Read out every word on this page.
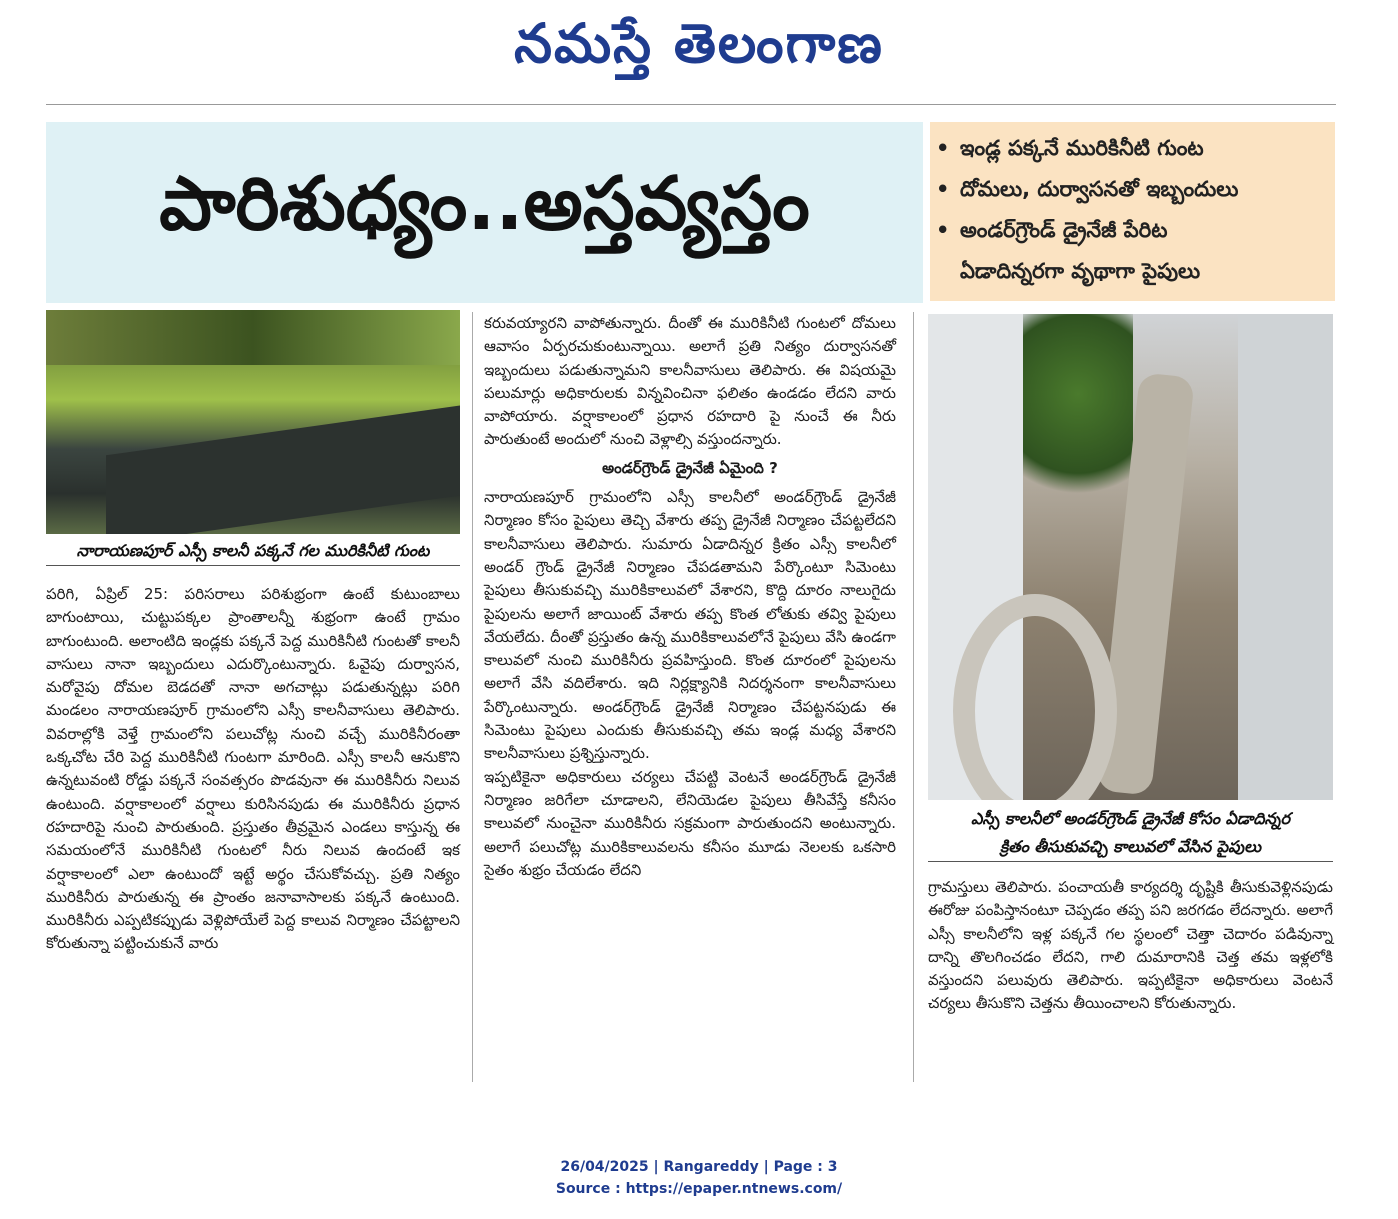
నమస్తే తెలంగాణ
పారిశుధ్యం..అస్తవ్యస్తం
• ఇండ్ల పక్కనే మురికినీటి గుంట
• దోమలు, దుర్వాసనతో ఇబ్బందులు
• అండర్‌గ్రౌండ్ డ్రైనేజీ పేరిట
ఏడాదిన్నరగా వృథాగా పైపులు
నారాయణపూర్ ఎస్సీ కాలనీ పక్కనే గల మురికినీటి గుంట
ఎస్సీ కాలనీలో అండర్‌గ్రౌండ్ డ్రైనేజీ కోసం ఏడాదిన్నర
క్రితం తీసుకువచ్చి కాలువలో వేసిన పైపులు

పరిగి, ఏప్రిల్ 25: పరిసరాలు పరిశుభ్రంగా ఉంటే కుటుంబాలు బాగుంటాయి, చుట్టుపక్కల ప్రాంతాలన్నీ శుభ్రంగా ఉంటే గ్రామం బాగుంటుంది. అలాంటిది ఇండ్లకు పక్కనే పెద్ద మురికినీటి గుంటతో కాలనీ వాసులు నానా ఇబ్బందులు ఎదుర్కొంటున్నారు. ఓవైపు దుర్వాసన, మరోవైపు దోమల బెడదతో నానా అగచాట్లు పడుతున్నట్లు పరిగి మండలం నారాయణపూర్ గ్రామంలోని ఎస్సీ కాలనీవాసులు తెలిపారు. వివరాల్లోకి వెళ్తే గ్రామంలోని పలుచోట్ల నుంచి వచ్చే మురికినీరంతా ఒక్కచోట చేరి పెద్ద మురికినీటి గుంటగా మారింది. ఎస్సీ కాలనీ ఆనుకొని ఉన్నటువంటి రోడ్డు పక్కనే సంవత్సరం పొడవునా ఈ మురికినీరు నిలువ ఉంటుంది. వర్షాకాలంలో వర్షాలు కురిసినపుడు ఈ మురికినీరు ప్రధాన రహదారిపై నుంచి పారుతుంది. ప్రస్తుతం తీవ్రమైన ఎండలు కాస్తున్న ఈ సమయంలోనే మురికినీటి గుంటలో నీరు నిలువ ఉందంటే ఇక వర్షాకాలంలో ఎలా ఉంటుందో ఇట్టే అర్థం చేసుకోవచ్చు. ప్రతి నిత్యం మురికినీరు పారుతున్న ఈ ప్రాంతం జనావాసాలకు పక్కనే ఉంటుంది. మురికినీరు ఎప్పటికప్పుడు వెళ్లిపోయేలే పెద్ద కాలువ నిర్మాణం చేపట్టాలని కోరుతున్నా పట్టించుకునే వారు

కరువయ్యారని వాపోతున్నారు. దీంతో ఈ మురికినీటి గుంటలో దోమలు ఆవాసం ఏర్పరచుకుంటున్నాయి. అలాగే ప్రతి నిత్యం దుర్వాసనతో ఇబ్బందులు పడుతున్నామని కాలనీవాసులు తెలిపారు. ఈ విషయమై పలుమార్లు అధికారులకు విన్నవించినా ఫలితం ఉండడం లేదని వారు వాపోయారు. వర్షాకాలంలో ప్రధాన రహదారి పై నుంచే ఈ నీరు పారుతుంటే అందులో నుంచి వెళ్లాల్సి వస్తుందన్నారు.

అండర్‌గ్రౌండ్ డ్రైనేజీ ఏమైంది ?

నారాయణపూర్ గ్రామంలోని ఎస్సీ కాలనీలో అండర్‌గ్రౌండ్ డ్రైనేజీ నిర్మాణం కోసం పైపులు తెచ్చి వేశారు తప్ప డ్రైనేజీ నిర్మాణం చేపట్టలేదని కాలనీవాసులు తెలిపారు. సుమారు ఏడాదిన్నర క్రితం ఎస్సీ కాలనీలో అండర్ గ్రౌండ్ డ్రైనేజీ నిర్మాణం చేపడతామని పేర్కొంటూ సిమెంటు పైపులు తీసుకువచ్చి మురికికాలువలో వేశారని, కొద్ది దూరం నాలుగైదు పైపులను అలాగే జాయింట్ వేశారు తప్ప కొంత లోతుకు తవ్వి పైపులు వేయలేదు. దీంతో ప్రస్తుతం ఉన్న మురికికాలువలోనే పైపులు వేసి ఉండగా కాలువలో నుంచి మురికినీరు ప్రవహిస్తుంది. కొంత దూరంలో పైపులను అలాగే వేసి వదిలేశారు. ఇది నిర్లక్ష్యానికి నిదర్శనంగా కాలనీవాసులు పేర్కొంటున్నారు. అండర్‌గ్రౌండ్ డ్రైనేజీ నిర్మాణం చేపట్టనపుడు ఈ సిమెంటు పైపులు ఎందుకు తీసుకువచ్చి తమ ఇండ్ల మధ్య వేశారని కాలనీవాసులు ప్రశ్నిస్తున్నారు.

ఇప్పటికైనా అధికారులు చర్యలు చేపట్టి వెంటనే అండర్‌గ్రౌండ్ డ్రైనేజీ నిర్మాణం జరిగేలా చూడాలని, లేనియెడల పైపులు తీసివేస్తే కనీసం కాలువలో నుంచైనా మురికినీరు సక్రమంగా పారుతుందని అంటున్నారు. అలాగే పలుచోట్ల మురికికాలువలను కనీసం మూడు నెలలకు ఒకసారి సైతం శుభ్రం చేయడం లేదని

గ్రామస్తులు తెలిపారు. పంచాయతీ కార్యదర్శి దృష్టికి తీసుకువెళ్లినపుడు ఈరోజు పంపిస్తానంటూ చెప్పడం తప్ప పని జరగడం లేదన్నారు. అలాగే ఎస్సీ కాలనీలోని ఇళ్ల పక్కనే గల స్థలంలో చెత్తా చెదారం పడివున్నా దాన్ని తొలగించడం లేదని, గాలి దుమారానికి చెత్త తమ ఇళ్లలోకి వస్తుందని పలువురు తెలిపారు. ఇప్పటికైనా అధికారులు వెంటనే చర్యలు తీసుకొని చెత్తను తీయించాలని కోరుతున్నారు.

26/04/2025 | Rangareddy | Page : 3
Source : https://epaper.ntnews.com/
